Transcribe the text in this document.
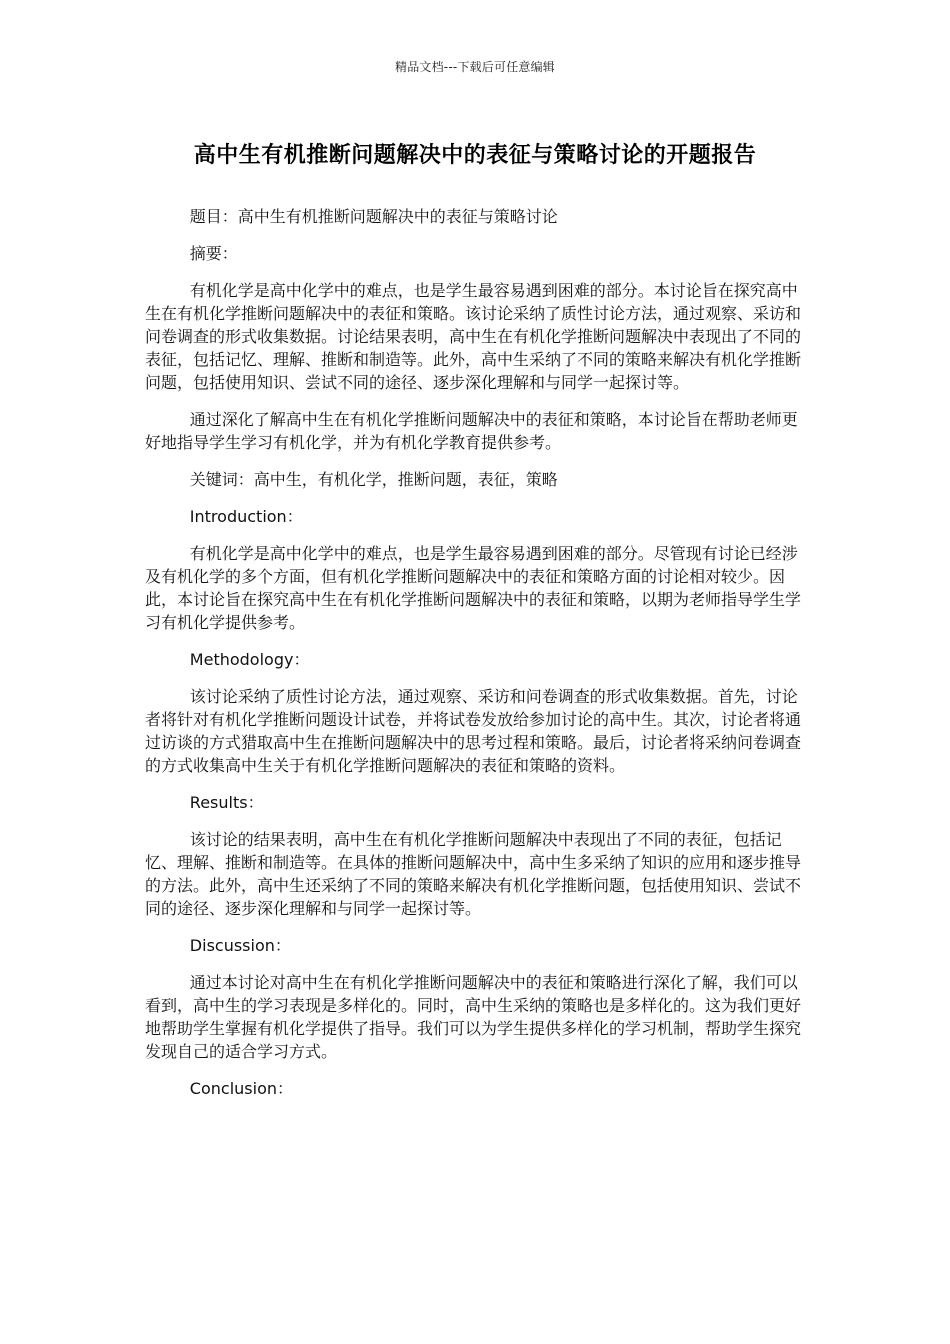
精品文档---下载后可任意编辑
高中生有机推断问题解决中的表征与策略讨论的开题报告

题目：高中生有机推断问题解决中的表征与策略讨论

摘要：

有机化学是高中化学中的难点，也是学生最容易遇到困难的部分。本讨论旨在探究高中生在有机化学推断问题解决中的表征和策略。该讨论采纳了质性讨论方法，通过观察、采访和问卷调查的形式收集数据。讨论结果表明，高中生在有机化学推断问题解决中表现出了不同的表征，包括记忆、理解、推断和制造等。此外，高中生采纳了不同的策略来解决有机化学推断问题，包括使用知识、尝试不同的途径、逐步深化理解和与同学一起探讨等。

通过深化了解高中生在有机化学推断问题解决中的表征和策略，本讨论旨在帮助老师更好地指导学生学习有机化学，并为有机化学教育提供参考。

关键词：高中生，有机化学，推断问题，表征，策略

Introduction：

有机化学是高中化学中的难点，也是学生最容易遇到困难的部分。尽管现有讨论已经涉及有机化学的多个方面，但有机化学推断问题解决中的表征和策略方面的讨论相对较少。因此，本讨论旨在探究高中生在有机化学推断问题解决中的表征和策略，以期为老师指导学生学习有机化学提供参考。

Methodology：

该讨论采纳了质性讨论方法，通过观察、采访和问卷调查的形式收集数据。首先，讨论者将针对有机化学推断问题设计试卷，并将试卷发放给参加讨论的高中生。其次，讨论者将通过访谈的方式猎取高中生在推断问题解决中的思考过程和策略。最后，讨论者将采纳问卷调查的方式收集高中生关于有机化学推断问题解决的表征和策略的资料。

Results：

该讨论的结果表明，高中生在有机化学推断问题解决中表现出了不同的表征，包括记忆、理解、推断和制造等。在具体的推断问题解决中，高中生多采纳了知识的应用和逐步推导的方法。此外，高中生还采纳了不同的策略来解决有机化学推断问题，包括使用知识、尝试不同的途径、逐步深化理解和与同学一起探讨等。

Discussion：

通过本讨论对高中生在有机化学推断问题解决中的表征和策略进行深化了解，我们可以看到，高中生的学习表现是多样化的。同时，高中生采纳的策略也是多样化的。这为我们更好地帮助学生掌握有机化学提供了指导。我们可以为学生提供多样化的学习机制，帮助学生探究发现自己的适合学习方式。

Conclusion：
